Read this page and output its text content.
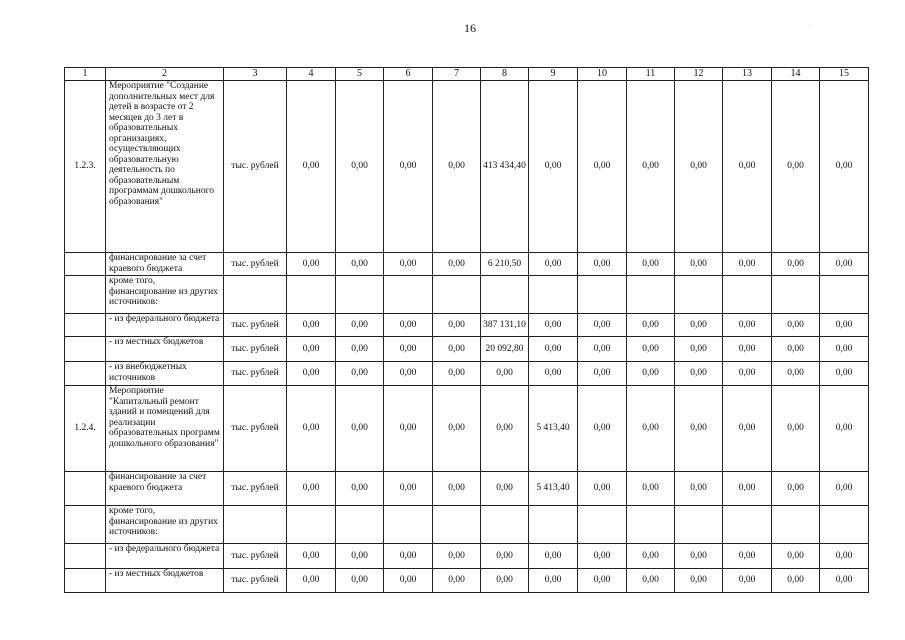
16	·
1	2	3	4	5	6	7	8	9	10	11	12	13	14	15
1.2.3.	Мероприятие "Создание дополнительных мест для детей в возрасте от 2 месяцев до 3 лет в образовательных организациях, осуществляющих образовательную деятельность по образовательным программам дошкольного образования"	тыс. рублей	0,00	0,00	0,00	0,00	413 434,40	0,00	0,00	0,00	0,00	0,00	0,00	0,00
	финансирование за счет краевого бюджета	тыс. рублей	0,00	0,00	0,00	0,00	6 210,50	0,00	0,00	0,00	0,00	0,00	0,00	0,00
	кроме того, финансирование из других источников:													
	- из федерального бюджета	тыс. рублей	0,00	0,00	0,00	0,00	387 131,10	0,00	0,00	0,00	0,00	0,00	0,00	0,00
	- из местных бюджетов	тыс. рублей	0,00	0,00	0,00	0,00	20 092,80	0,00	0,00	0,00	0,00	0,00	0,00	0,00
	- из внебюджетных источников	тыс. рублей	0,00	0,00	0,00	0,00	0,00	0,00	0,00	0,00	0,00	0,00	0,00	0,00
1.2.4.	Мероприятие "Капитальный ремонт зданий и помещений для реализации образовательных программ дошкольного образования"	тыс. рублей	0,00	0,00	0,00	0,00	0,00	5 413,40	0,00	0,00	0,00	0,00	0,00	0,00
	финансирование за счет краевого бюджета	тыс. рублей	0,00	0,00	0,00	0,00	0,00	5 413,40	0,00	0,00	0,00	0,00	0,00	0,00
	кроме того, финансирование из других источников:													
	- из федерального бюджета	тыс. рублей	0,00	0,00	0,00	0,00	0,00	0,00	0,00	0,00	0,00	0,00	0,00	0,00
	- из местных бюджетов	тыс. рублей	0,00	0,00	0,00	0,00	0,00	0,00	0,00	0,00	0,00	0,00	0,00	0,00
